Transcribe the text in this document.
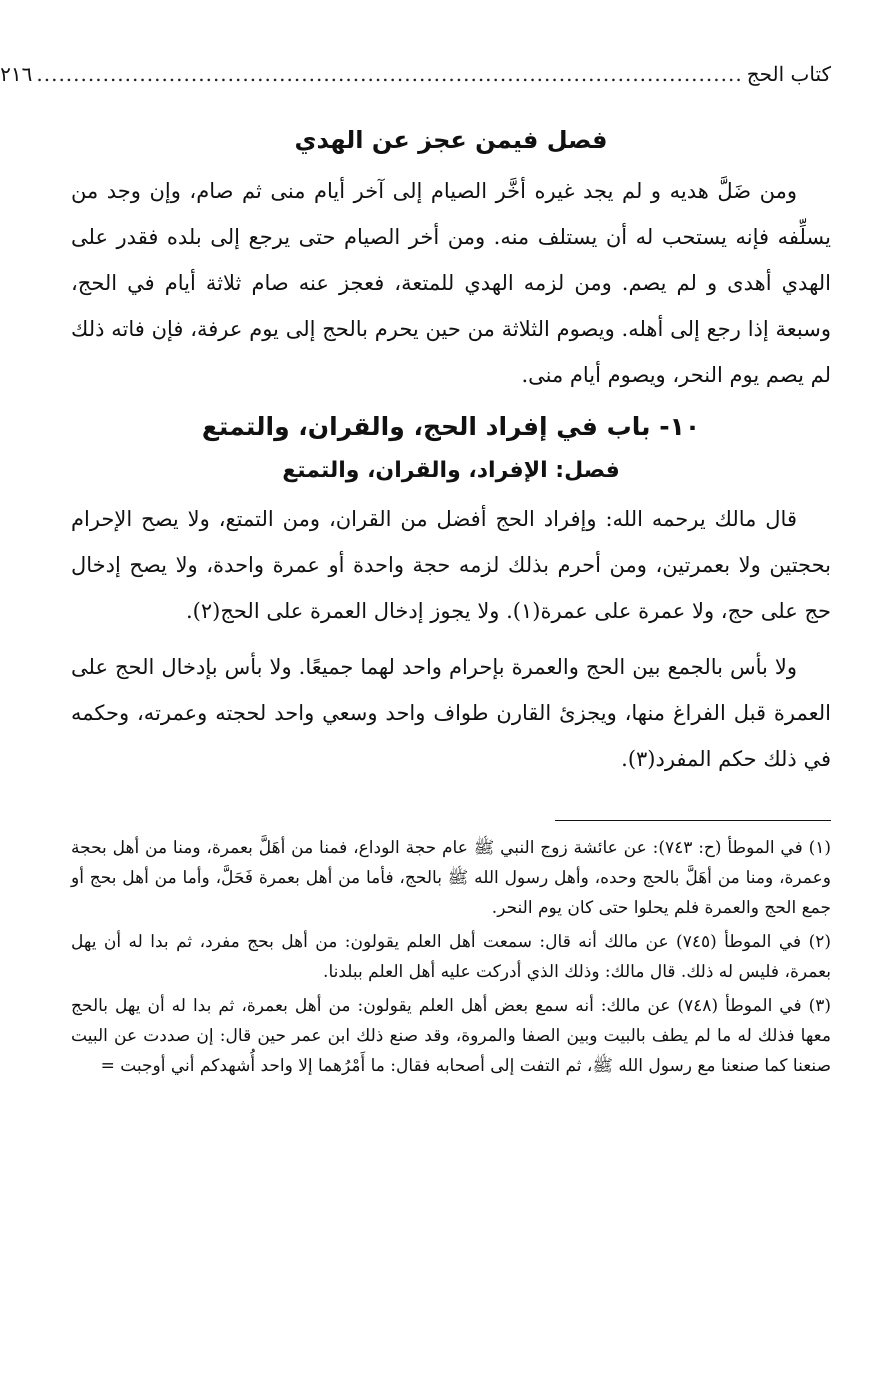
كتاب الحج
................................................................................................
٢١٦
فصل فيمن عجز عن الهدي

ومن ضَلَّ هديه و لم يجد غيره أخَّر الصيام إلى آخر أيام منى ثم صام، وإن وجد من يسلِّفه فإنه يستحب له أن يستلف منه. ومن أخر الصيام حتى يرجع إلى بلده فقدر على الهدي أهدى و لم يصم. ومن لزمه الهدي للمتعة، فعجز عنه صام ثلاثة أيام في الحج، وسبعة إذا رجع إلى أهله. ويصوم الثلاثة من حين يحرم بالحج إلى يوم عرفة، فإن فاته ذلك لم يصم يوم النحر، ويصوم أيام منى.

١٠- باب في إفراد الحج، والقران، والتمتع
فصل: الإفراد، والقران، والتمتع

قال مالك يرحمه الله: وإفراد الحج أفضل من القران، ومن التمتع، ولا يصح الإحرام بحجتين ولا بعمرتين، ومن أحرم بذلك لزمه حجة واحدة أو عمرة واحدة، ولا يصح إدخال حج على حج، ولا عمرة على عمرة(١). ولا يجوز إدخال العمرة على الحج(٢).

ولا بأس بالجمع بين الحج والعمرة بإحرام واحد لهما جميعًا. ولا بأس بإدخال الحج على العمرة قبل الفراغ منها، ويجزئ القارن طواف واحد وسعي واحد لحجته وعمرته، وحكمه في ذلك حكم المفرد(٣).

(١) في الموطأ (ح: ٧٤٣): عن عائشة زوج النبي ﷺ عام حجة الوداع، فمنا من أهَلَّ بعمرة، ومنا من أهل بحجة وعمرة، ومنا من أهَلَّ بالحج وحده، وأهل رسول الله ﷺ بالحج، فأما من أهل بعمرة فَحَلَّ، وأما من أهل بحج أو جمع الحج والعمرة فلم يحلوا حتى كان يوم النحر.

(٢) في الموطأ (٧٤٥) عن مالك أنه قال: سمعت أهل العلم يقولون: من أهل بحج مفرد، ثم بدا له أن يهل بعمرة، فليس له ذلك. قال مالك: وذلك الذي أدركت عليه أهل العلم ببلدنا.

(٣) في الموطأ (٧٤٨) عن مالك: أنه سمع بعض أهل العلم يقولون: من أهل بعمرة، ثم بدا له أن يهل بالحج معها فذلك له ما لم يطف بالبيت وبين الصفا والمروة، وقد صنع ذلك ابن عمر حين قال: إن صددت عن البيت صنعنا كما صنعنا مع رسول الله ﷺ، ثم التفت إلى أصحابه فقال: ما أَمْرُهما إلا واحد أُشهدكم أني أوجبت =
